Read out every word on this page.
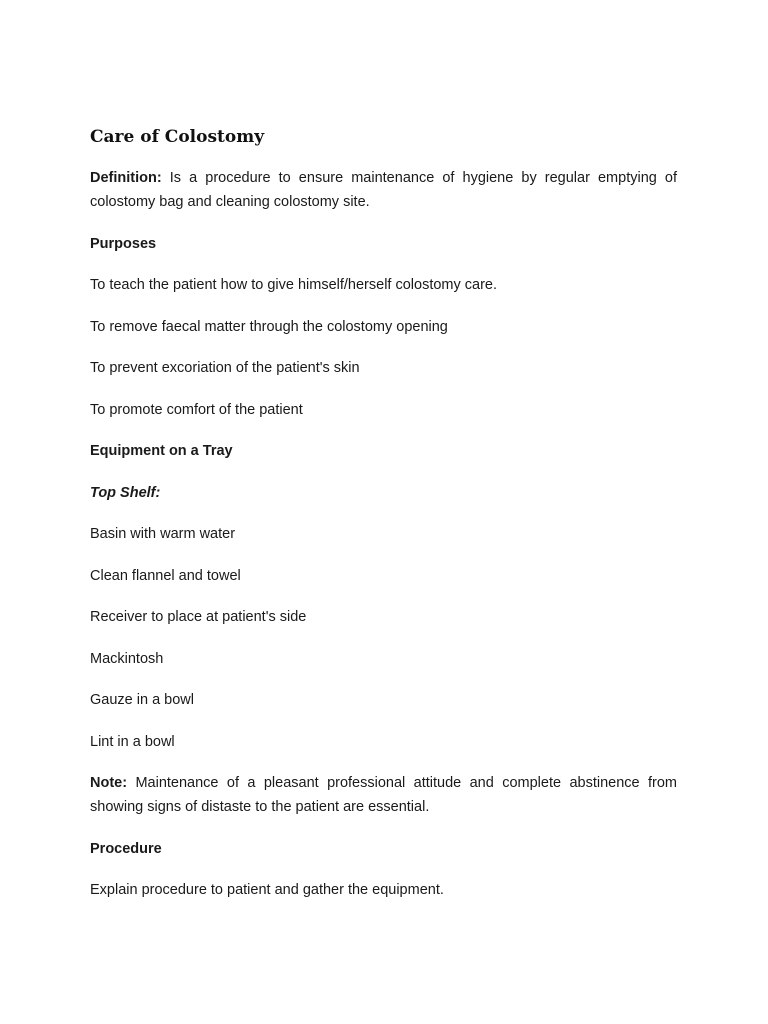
Care of Colostomy

Definition: Is a procedure to ensure maintenance of hygiene by regular emptying of colostomy bag and cleaning colostomy site.

Purposes

To teach the patient how to give himself/herself colostomy care.

To remove faecal matter through the colostomy opening

To prevent excoriation of the patient's skin

To promote comfort of the patient

Equipment on a Tray

Top Shelf:

Basin with warm water

Clean flannel and towel

Receiver to place at patient's side

Mackintosh

Gauze in a bowl

Lint in a bowl

Note: Maintenance of a pleasant professional attitude and complete abstinence from showing signs of distaste to the patient are essential.

Procedure

Explain procedure to patient and gather the equipment.
